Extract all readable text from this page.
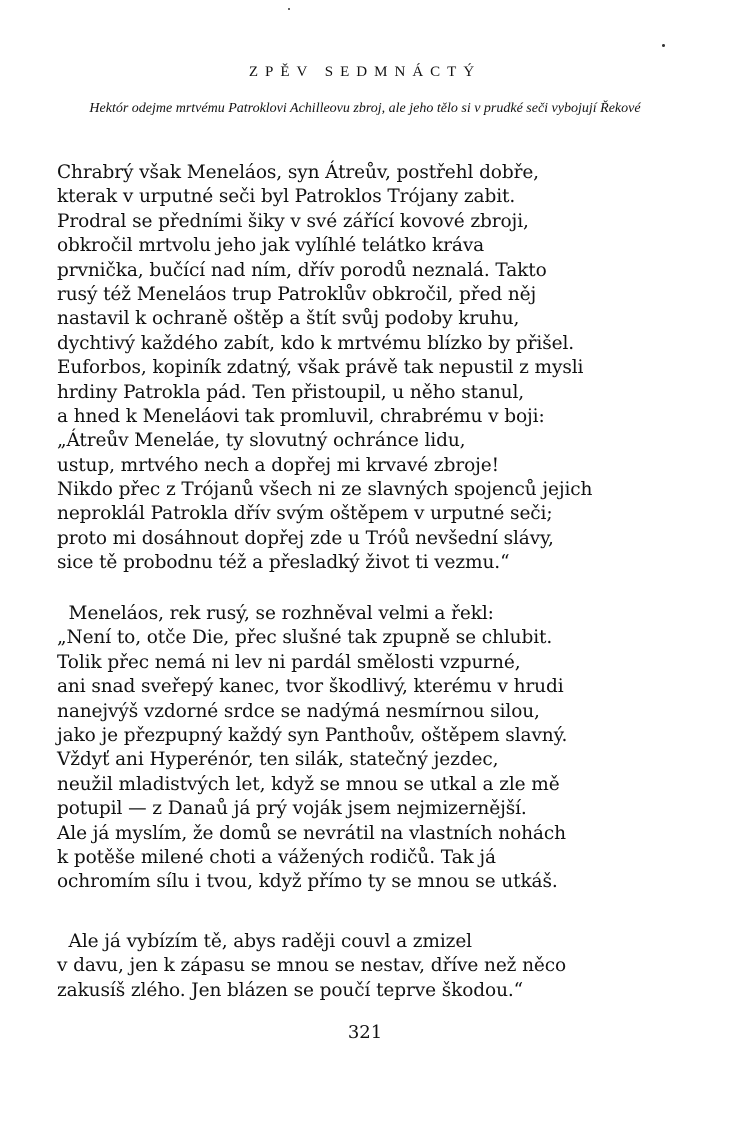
ZPĚV SEDMNÁCTÝ
Hektór odejme mrtvému Patroklovi Achilleovu zbroj, ale jeho tělo si v prudké seči vybojují Řekové
Chrabrý však Meneláos, syn Átreův, postřehl dobře,
kterak v urputné seči byl Patroklos Trójany zabit.
Prodral se předními šiky v své zářící kovové zbroji,
obkročil mrtvolu jeho jak vylíhlé telátko kráva
prvnička, bučící nad ním, dřív porodů neznalá. Takto
rusý též Meneláos trup Patroklův obkročil, před něj
nastavil k ochraně oštěp a štít svůj podoby kruhu,
dychtivý každého zabít, kdo k mrtvému blízko by přišel.
Euforbos, kopiník zdatný, však právě tak nepustil z mysli
hrdiny Patrokla pád. Ten přistoupil, u něho stanul,
a hned k Meneláovi tak promluvil, chrabrému v boji:
„Átreův Meneláe, ty slovutný ochránce lidu,
ustup, mrtvého nech a dopřej mi krvavé zbroje!
Nikdo přec z Trójanů všech ni ze slavných spojenců jejich
neproklál Patrokla dřív svým oštěpem v urputné seči;
proto mi dosáhnout dopřej zde u Tróů nevšední slávy,
sice tě probodnu též a přesladký život ti vezmu.“
Meneláos, rek rusý, se rozhněval velmi a řekl:
„Není to, otče Die, přec slušné tak zpupně se chlubit.
Tolik přec nemá ni lev ni pardál smělosti vzpurné,
ani snad sveřepý kanec, tvor škodlivý, kterému v hrudi
nanejvýš vzdorné srdce se nadýmá nesmírnou silou,
jako je přezpupný každý syn Panthoův, oštěpem slavný.
Vždyť ani Hyperénór, ten silák, statečný jezdec,
neužil mladistvých let, když se mnou se utkal a zle mě
potupil — z Danaů já prý voják jsem nejmizernější.
Ale já myslím, že domů se nevrátil na vlastních nohách
k potěše milené choti a vážených rodičů. Tak já
ochromím sílu i tvou, když přímo ty se mnou se utkáš.
Ale já vybízím tě, abys raději couvl a zmizel
v davu, jen k zápasu se mnou se nestav, dříve než něco
zakusíš zlého. Jen blázen se poučí teprve škodou.“
321
